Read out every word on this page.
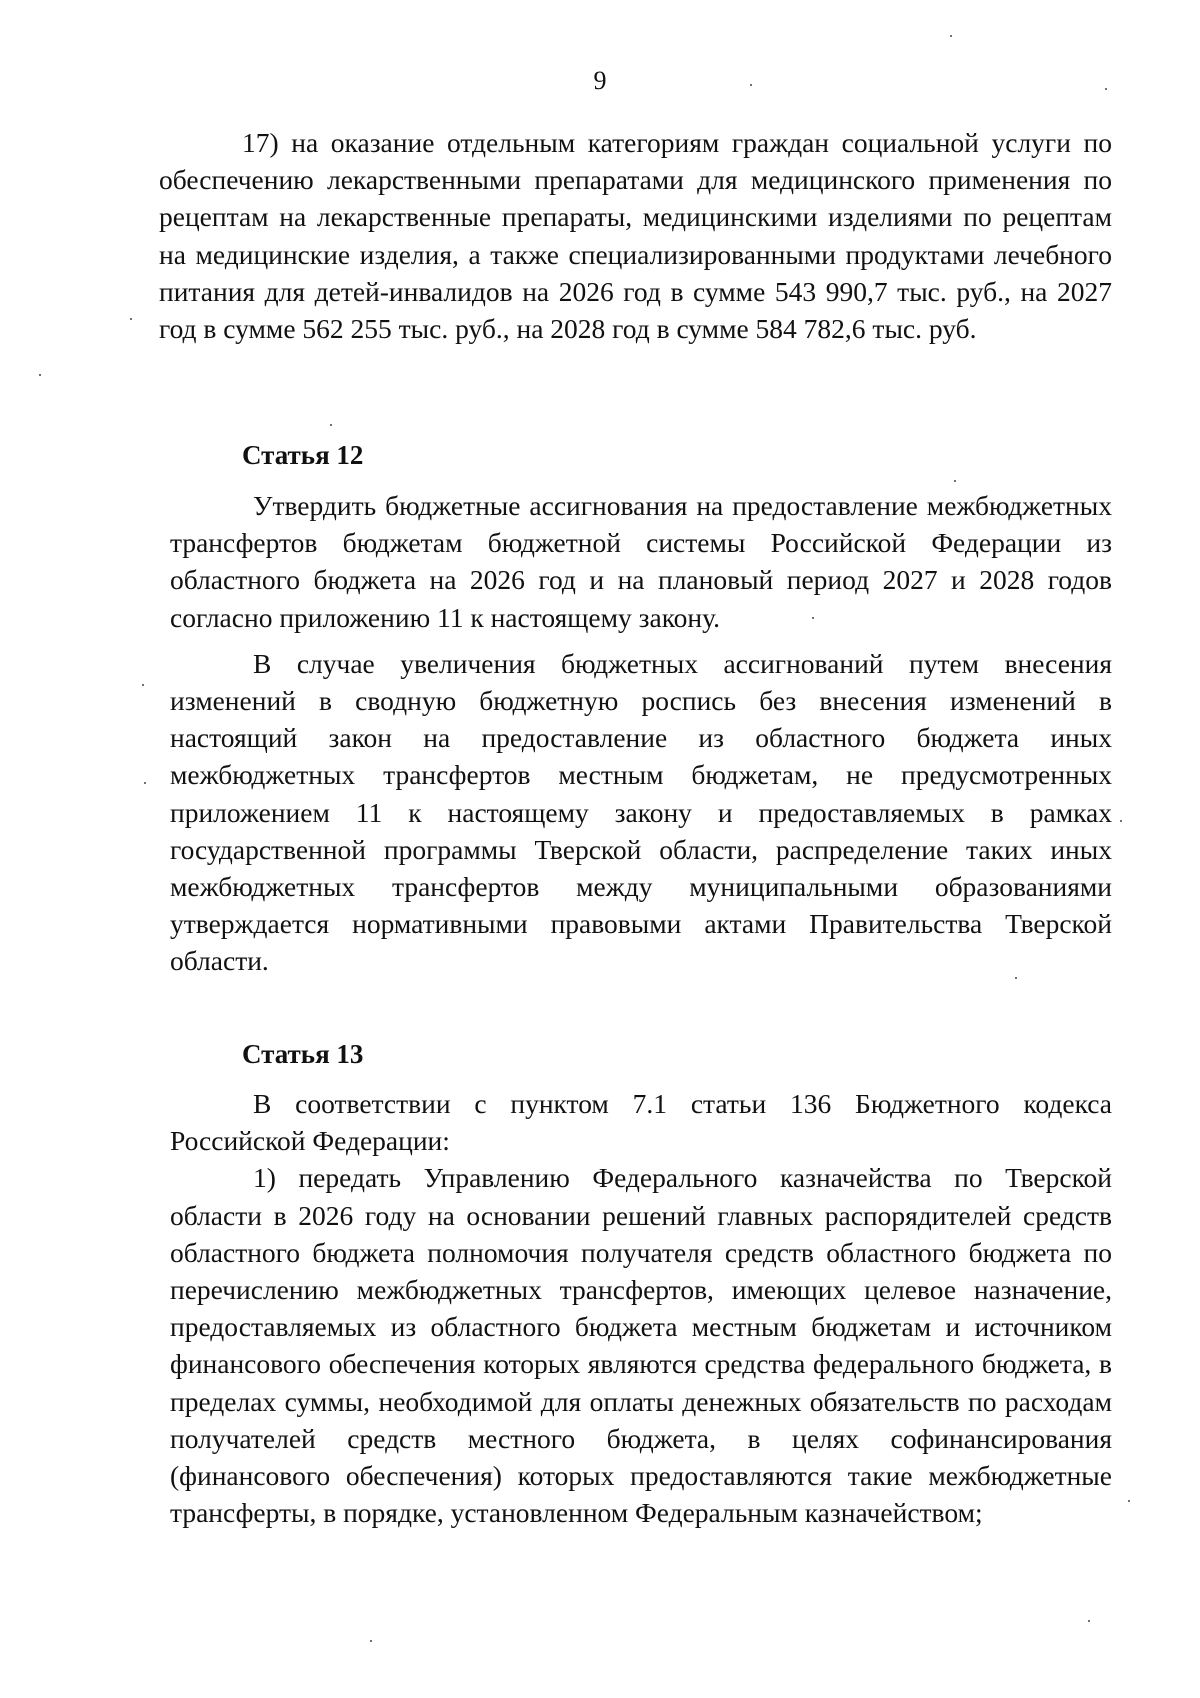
9

17) на оказание отдельным категориям граждан социальной услуги по обеспечению лекарственными препаратами для медицинского применения по рецептам на лекарственные препараты, медицинскими изделиями по рецептам на медицинские изделия, а также специализированными продуктами лечебного питания для детей-инвалидов на 2026 год в сумме 543 990,7 тыс. руб., на 2027 год в сумме 562 255 тыс. руб., на 2028 год в сумме 584 782,6 тыс. руб.

Статья 12

Утвердить бюджетные ассигнования на предоставление межбюджетных трансфертов бюджетам бюджетной системы Российской Федерации из областного бюджета на 2026 год и на плановый период 2027 и 2028 годов согласно приложению 11 к настоящему закону.

В случае увеличения бюджетных ассигнований путем внесения изменений в сводную бюджетную роспись без внесения изменений в настоящий закон на предоставление из областного бюджета иных межбюджетных трансфертов местным бюджетам, не предусмотренных приложением 11 к настоящему закону и предоставляемых в рамках государственной программы Тверской области, распределение таких иных межбюджетных трансфертов между муниципальными образованиями утверждается нормативными правовыми актами Правительства Тверской области.

Статья 13

В соответствии с пунктом 7.1 статьи 136 Бюджетного кодекса Российской Федерации:

1) передать Управлению Федерального казначейства по Тверской области в 2026 году на основании решений главных распорядителей средств областного бюджета полномочия получателя средств областного бюджета по перечислению межбюджетных трансфертов, имеющих целевое назначение, предоставляемых из областного бюджета местным бюджетам и источником финансового обеспечения которых являются средства федерального бюджета, в пределах суммы, необходимой для оплаты денежных обязательств по расходам получателей средств местного бюджета, в целях софинансирования (финансового обеспечения) которых предоставляются такие межбюджетные трансферты, в порядке, установленном Федеральным казначейством;
